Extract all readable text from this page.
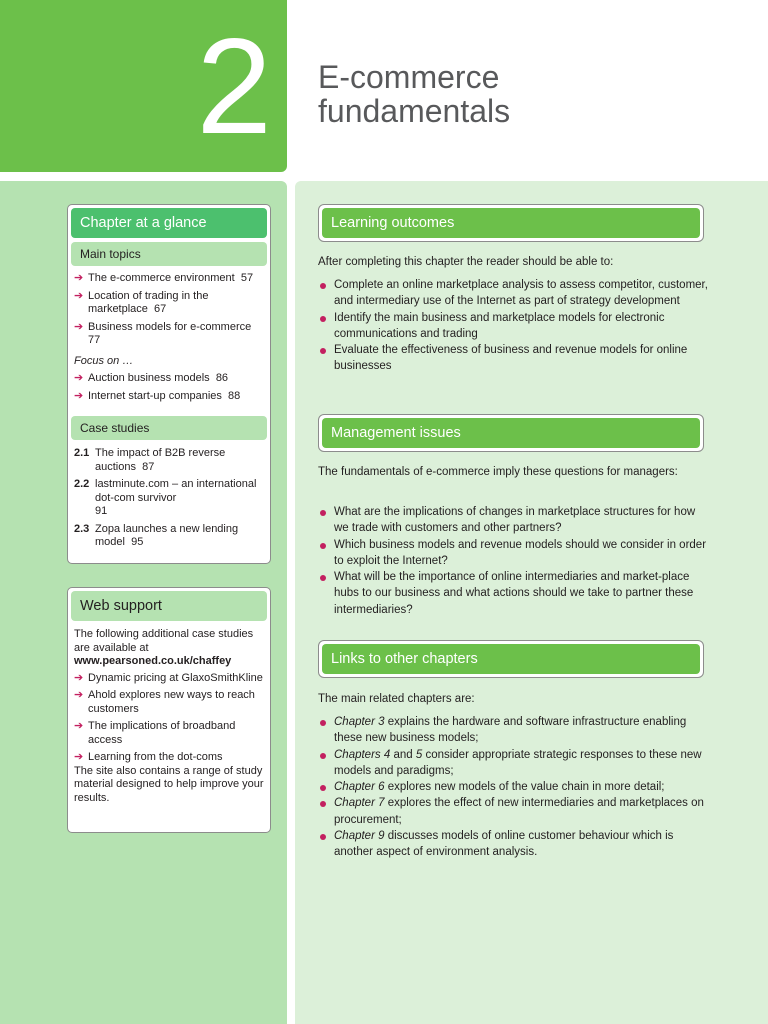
2 E-commerce
fundamentals
Chapter at a glance
Main topics
➔ The e-commerce environment 57
➔ Location of trading in the marketplace 67
➔ Business models for e-commerce
77
Focus on …
➔ Auction business models 86
➔ Internet start-up companies 88
Case studies
2.1 The impact of B2B reverse auctions 87
2.2 lastminute.com – an international dot-com survivor
91
2.3 Zopa launches a new lending model 95
Web support
The following additional case studies are available at
www.pearsoned.co.uk/chaffey
➔ Dynamic pricing at GlaxoSmithKline
➔ Ahold explores new ways to reach customers
➔ The implications of broadband access
➔ Learning from the dot-coms
The site also contains a range of study material designed to help improve your results.
Learning outcomes
After completing this chapter the reader should be able to:
Complete an online marketplace analysis to assess competitor, customer, and intermediary use of the Internet as part of strategy development
Identify the main business and marketplace models for electronic communications and trading
Evaluate the effectiveness of business and revenue models for online businesses
Management issues
The fundamentals of e-commerce imply these questions for managers:
What are the implications of changes in marketplace structures for how we trade with customers and other partners?
Which business models and revenue models should we consider in order to exploit the Internet?
What will be the importance of online intermediaries and market-place hubs to our business and what actions should we take to partner these intermediaries?
Links to other chapters
The main related chapters are:
Chapter 3 explains the hardware and software infrastructure enabling these new business models;
Chapters 4 and 5 consider appropriate strategic responses to these new models and paradigms;
Chapter 6 explores new models of the value chain in more detail;
Chapter 7 explores the effect of new intermediaries and marketplaces on procurement;
Chapter 9 discusses models of online customer behaviour which is another aspect of environment analysis.
